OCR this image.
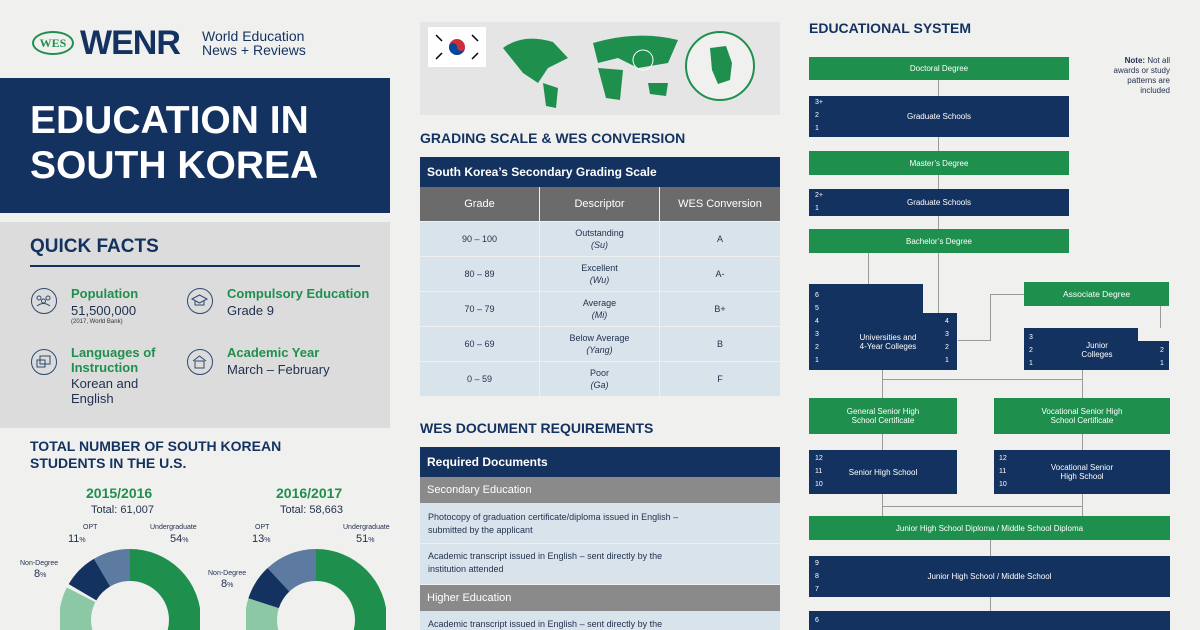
WES WENR World Education
News + Reviews
EDUCATION IN
SOUTH KOREA
QUICK FACTS
Population
51,500,000
(2017, World Bank)
Compulsory Education
Grade 9
Languages of
Instruction
Korean and
English
Academic Year
March – February
TOTAL NUMBER OF SOUTH KOREAN
STUDENTS IN THE U.S.
2015/2016
Total: 61,007
2016/2017
Total: 58,663
OPT
11%
Non-Degree
8%
Undergraduate
54%
OPT
13%
Non-Degree
8%
Undergraduate
51%
GRADING SCALE & WES CONVERSION
South Korea’s Secondary Grading Scale
Grade	Descriptor	WES Conversion
90 – 100
Outstanding
(Su)
A
80 – 89
Excellent
(Wu)
A-
70 – 79
Average
(Mi)
B+
60 – 69
Below Average
(Yang)
B
0 – 59
Poor
(Ga)
F
WES DOCUMENT REQUIREMENTS
Required Documents
Secondary Education
Photocopy of graduation certificate/diploma issued in English –
submitted by the applicant
Academic transcript issued in English – sent directly by the
institution attended
Higher Education
Academic transcript issued in English – sent directly by the
EDUCATIONAL SYSTEM
Note: Not all awards or study patterns are included
Doctoral Degree
Graduate Schools
3+
2
1
Master’s Degree
Graduate Schools
2+
1
Bachelor’s Degree
Universities and
4-Year Colleges
6
5
4
3
2
1
4
3
2
1
Associate Degree
Junior
Colleges
3
2
1
2
1
General Senior High
School Certificate
Vocational Senior High
School Certificate
Senior High School
12
11
10
Vocational Senior
High School
12
11
10
Junior High School Diploma / Middle School Diploma
Junior High School / Middle School
9
8
7
6
